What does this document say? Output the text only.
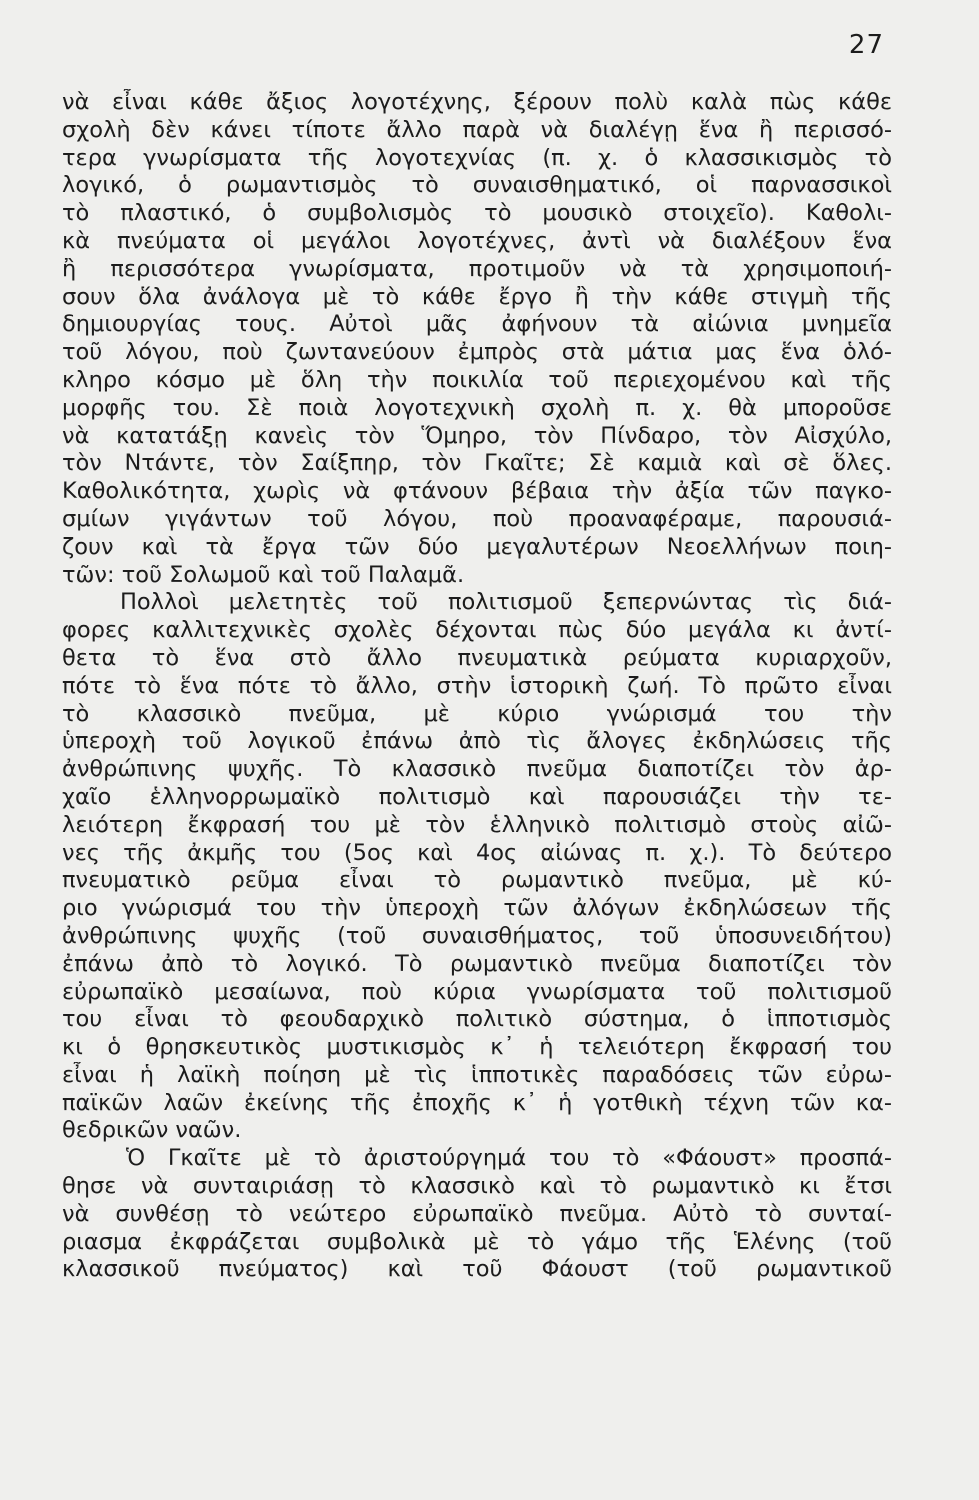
27
νὰ εἶναι κάθε ἄξιος λογοτέχνης, ξέρουν πολὺ καλὰ πὼς κάθε
σχολὴ δὲν κάνει τίποτε ἄλλο παρὰ νὰ διαλέγῃ ἕνα ἢ περισσό-
τερα γνωρίσματα τῆς λογοτεχνίας (π. χ. ὁ κλασσικισμὸς τὸ
λογικό, ὁ ρωμαντισμὸς τὸ συναισθηματικό, οἱ παρνασσικοὶ
τὸ πλαστικό, ὁ συμβολισμὸς τὸ μουσικὸ στοιχεῖο). Καθολι-
κὰ πνεύματα οἱ μεγάλοι λογοτέχνες, ἀντὶ νὰ διαλέξουν ἕνα
ἢ περισσότερα γνωρίσματα, προτιμοῦν νὰ τὰ χρησιμοποιή-
σουν ὅλα ἀνάλογα μὲ τὸ κάθε ἔργο ἢ τὴν κάθε στιγμὴ τῆς
δημιουργίας τους. Αὐτοὶ μᾶς ἀφήνουν τὰ αἰώνια μνημεῖα
τοῦ λόγου, ποὺ ζωντανεύουν ἐμπρὸς στὰ μάτια μας ἕνα ὁλό-
κληρο κόσμο μὲ ὅλη τὴν ποικιλία τοῦ περιεχομένου καὶ τῆς
μορφῆς του. Σὲ ποιὰ λογοτεχνικὴ σχολὴ π. χ. θὰ μποροῦσε
νὰ κατατάξῃ κανεὶς τὸν Ὅμηρο, τὸν Πίνδαρο, τὸν Αἰσχύλο,
τὸν Ντάντε, τὸν Σαίξπηρ, τὸν Γκαῖτε; Σὲ καμιὰ καὶ σὲ ὅλες.
Καθολικότητα, χωρὶς νὰ φτάνουν βέβαια τὴν ἀξία τῶν παγκο-
σμίων γιγάντων τοῦ λόγου, ποὺ προαναφέραμε, παρουσιά-
ζουν καὶ τὰ ἔργα τῶν δύο μεγαλυτέρων Νεοελλήνων ποιη-
τῶν: τοῦ Σολωμοῦ καὶ τοῦ Παλαμᾶ.
Πολλοὶ μελετητὲς τοῦ πολιτισμοῦ ξεπερνώντας τὶς διά-
φορες καλλιτεχνικὲς σχολὲς δέχονται πὼς δύο μεγάλα κι ἀντί-
θετα τὸ ἕνα στὸ ἄλλο πνευματικὰ ρεύματα κυριαρχοῦν,
πότε τὸ ἕνα πότε τὸ ἄλλο, στὴν ἱστορικὴ ζωή. Τὸ πρῶτο εἶναι
τὸ κλασσικὸ πνεῦμα, μὲ κύριο γνώρισμά του τὴν
ὑπεροχὴ τοῦ λογικοῦ ἐπάνω ἀπὸ τὶς ἄλογες ἐκδηλώσεις τῆς
ἀνθρώπινης ψυχῆς. Τὸ κλασσικὸ πνεῦμα διαποτίζει τὸν ἀρ-
χαῖο ἑλληνορρωμαϊκὸ πολιτισμὸ καὶ παρουσιάζει τὴν τε-
λειότερη ἔκφρασή του μὲ τὸν ἑλληνικὸ πολιτισμὸ στοὺς αἰῶ-
νες τῆς ἀκμῆς του (5ος καὶ 4ος αἰώνας π. χ.). Τὸ δεύτερο
πνευματικὸ ρεῦμα εἶναι τὸ ρωμαντικὸ πνεῦμα, μὲ κύ-
ριο γνώρισμά του τὴν ὑπεροχὴ τῶν ἀλόγων ἐκδηλώσεων τῆς
ἀνθρώπινης ψυχῆς (τοῦ συναισθήματος, τοῦ ὑποσυνειδήτου)
ἐπάνω ἀπὸ τὸ λογικό. Τὸ ρωμαντικὸ πνεῦμα διαποτίζει τὸν
εὐρωπαϊκὸ μεσαίωνα, ποὺ κύρια γνωρίσματα τοῦ πολιτισμοῦ
του εἶναι τὸ φεουδαρχικὸ πολιτικὸ σύστημα, ὁ ἱπποτισμὸς
κι ὁ θρησκευτικὸς μυστικισμὸς κ᾿ ἡ τελειότερη ἔκφρασή του
εἶναι ἡ λαϊκὴ ποίηση μὲ τὶς ἱπποτικὲς παραδόσεις τῶν εὐρω-
παϊκῶν λαῶν ἐκείνης τῆς ἐποχῆς κ᾿ ἡ γοτθικὴ τέχνη τῶν κα-
θεδρικῶν ναῶν.
Ὁ Γκαῖτε μὲ τὸ ἀριστούργημά του τὸ «Φάουστ» προσπά-
θησε νὰ συνταιριάσῃ τὸ κλασσικὸ καὶ τὸ ρωμαντικὸ κι ἔτσι
νὰ συνθέσῃ τὸ νεώτερο εὐρωπαϊκὸ πνεῦμα. Αὐτὸ τὸ συνταί-
ριασμα ἐκφράζεται συμβολικὰ μὲ τὸ γάμο τῆς Ἑλένης (τοῦ
κλασσικοῦ πνεύματος) καὶ τοῦ Φάουστ (τοῦ ρωμαντικοῦ
